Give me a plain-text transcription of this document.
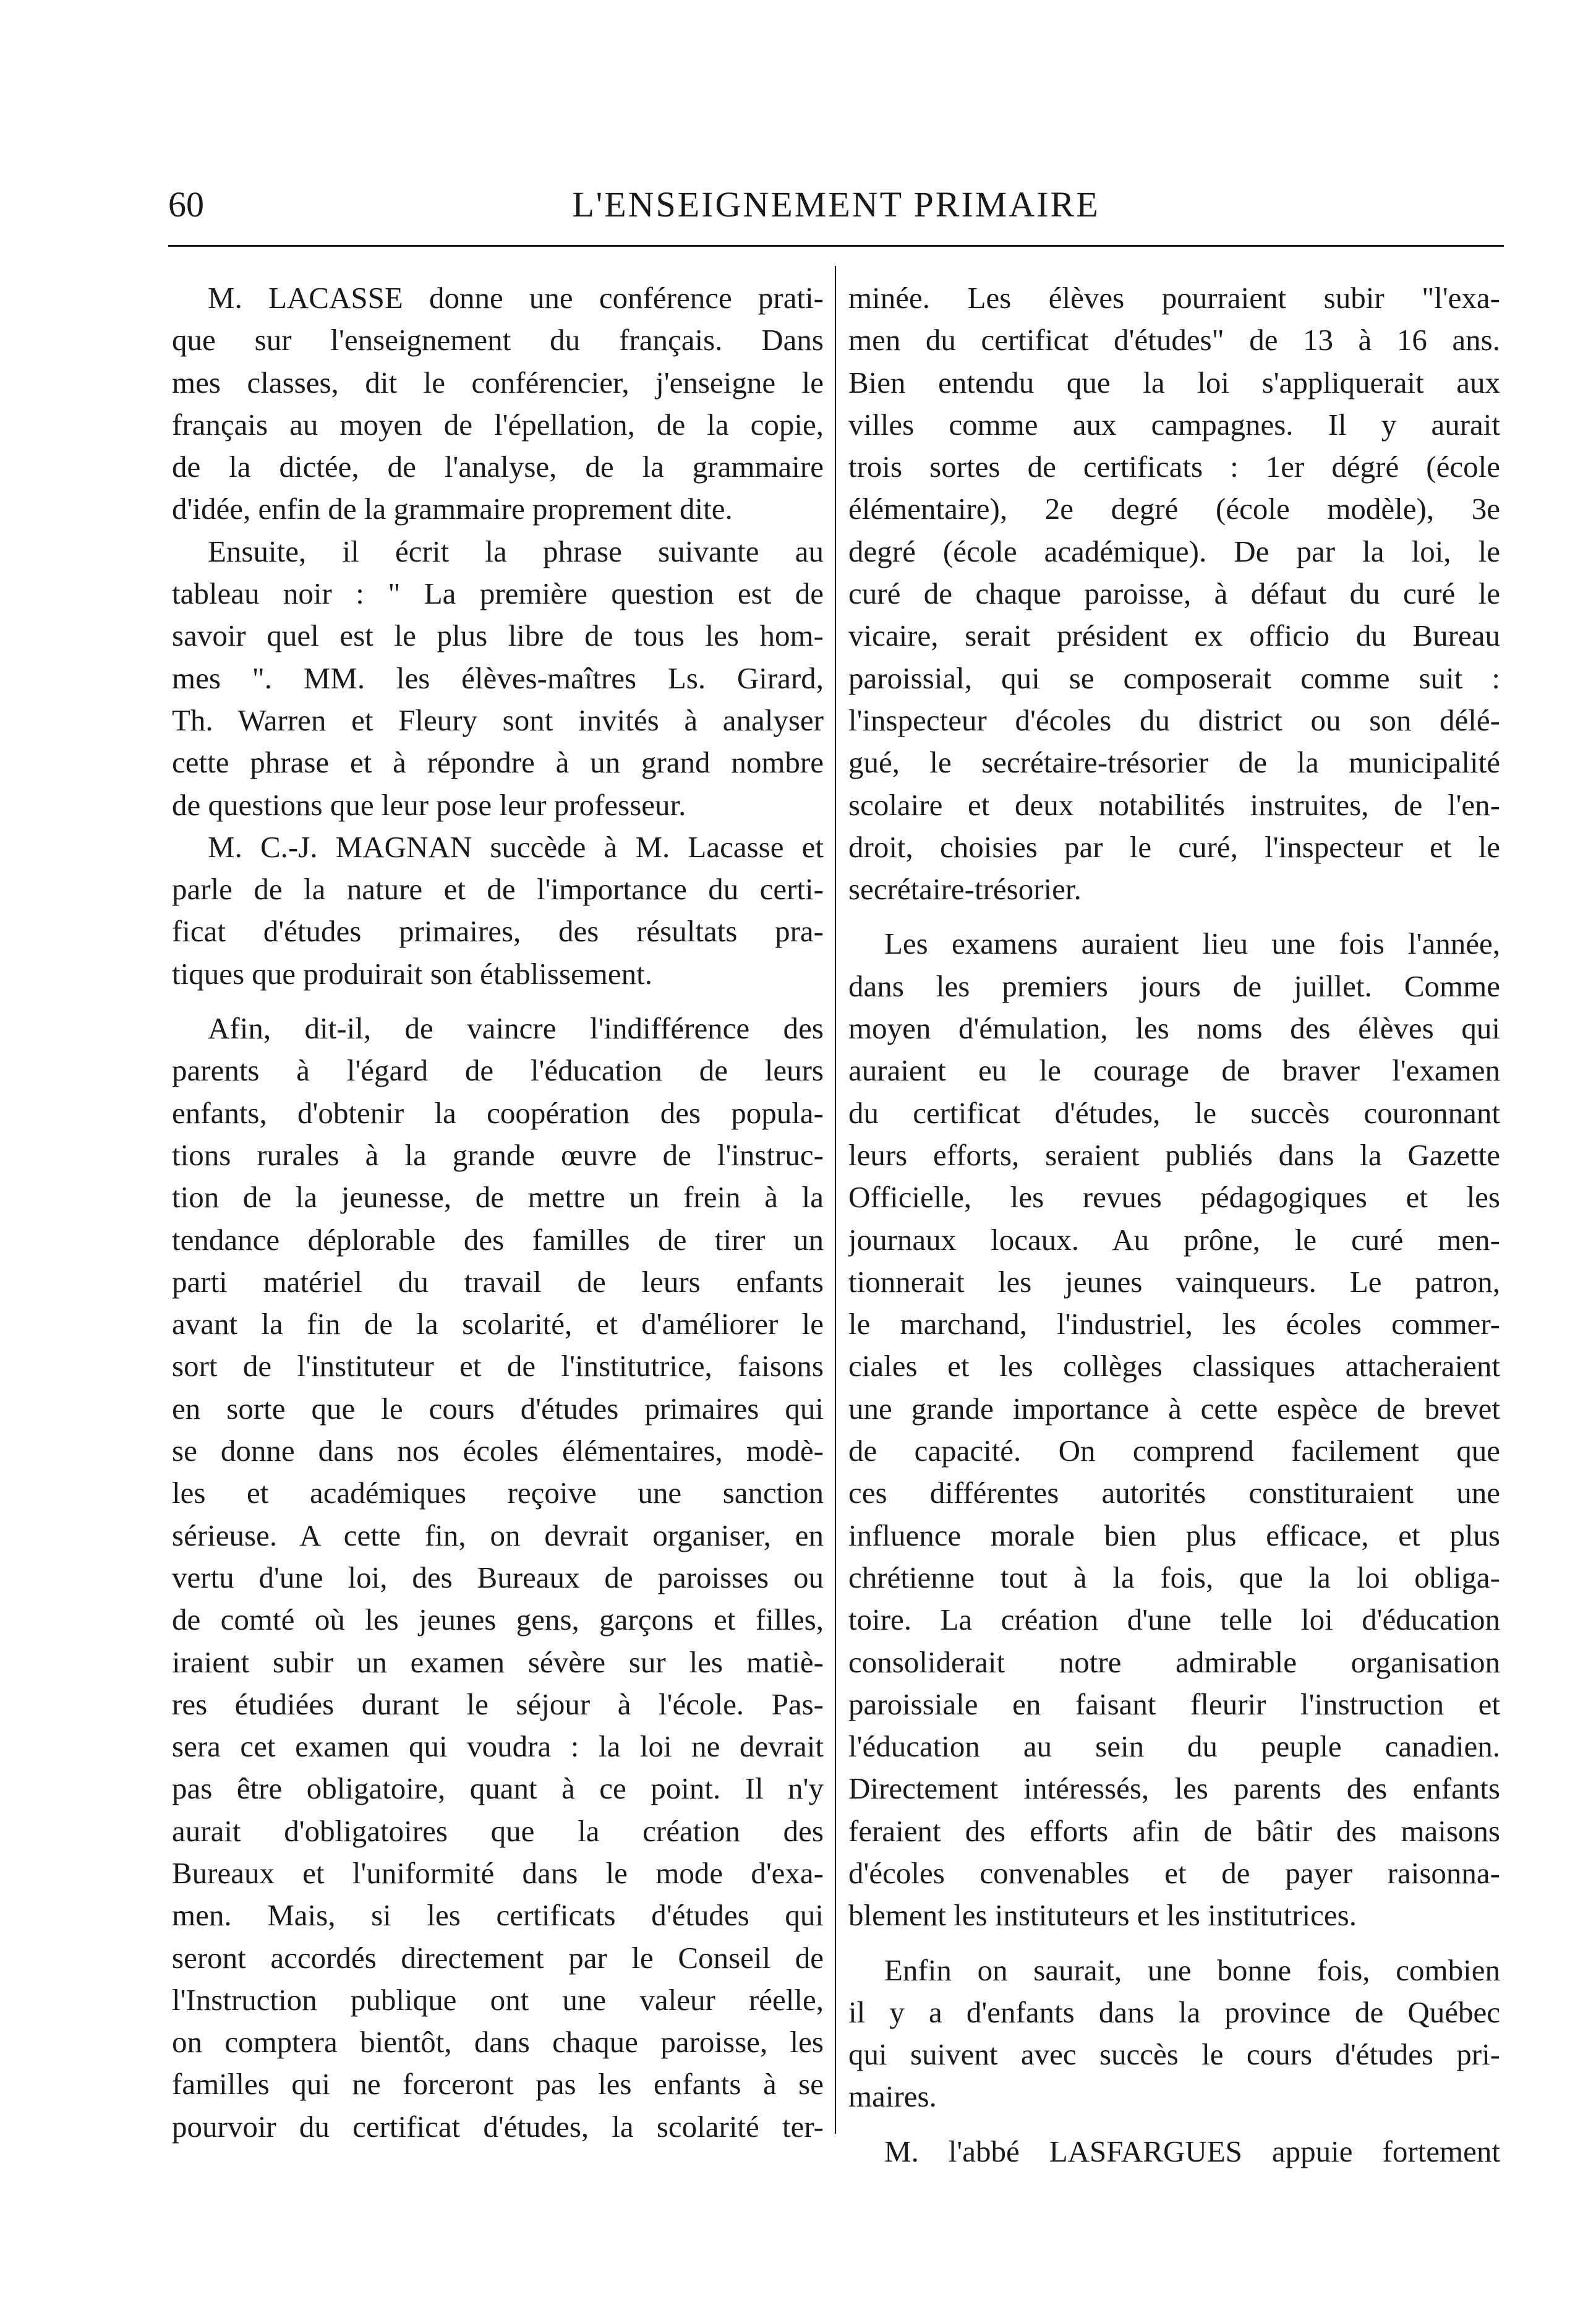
60	L'ENSEIGNEMENT PRIMAIRE
M. LACASSE donne une conférence prati-
que sur l'enseignement du français. Dans
mes classes, dit le conférencier, j'enseigne le
français au moyen de l'épellation, de la copie,
de la dictée, de l'analyse, de la grammaire
d'idée, enfin de la grammaire proprement dite.
Ensuite, il écrit la phrase suivante au
tableau noir : " La première question est de
savoir quel est le plus libre de tous les hom-
mes ". MM. les élèves-maîtres Ls. Girard,
Th. Warren et Fleury sont invités à analyser
cette phrase et à répondre à un grand nombre
de questions que leur pose leur professeur.
M. C.-J. MAGNAN succède à M. Lacasse et
parle de la nature et de l'importance du certi-
ficat d'études primaires, des résultats pra-
tiques que produirait son établissement.
Afin, dit-il, de vaincre l'indifférence des
parents à l'égard de l'éducation de leurs
enfants, d'obtenir la coopération des popula-
tions rurales à la grande œuvre de l'instruc-
tion de la jeunesse, de mettre un frein à la
tendance déplorable des familles de tirer un
parti matériel du travail de leurs enfants
avant la fin de la scolarité, et d'améliorer le
sort de l'instituteur et de l'institutrice, faisons
en sorte que le cours d'études primaires qui
se donne dans nos écoles élémentaires, modè-
les et académiques reçoive une sanction
sérieuse. A cette fin, on devrait organiser, en
vertu d'une loi, des Bureaux de paroisses ou
de comté où les jeunes gens, garçons et filles,
iraient subir un examen sévère sur les matiè-
res étudiées durant le séjour à l'école. Pas-
sera cet examen qui voudra : la loi ne devrait
pas être obligatoire, quant à ce point. Il n'y
aurait d'obligatoires que la création des
Bureaux et l'uniformité dans le mode d'exa-
men. Mais, si les certificats d'études qui
seront accordés directement par le Conseil de
l'Instruction publique ont une valeur réelle,
on comptera bientôt, dans chaque paroisse, les
familles qui ne forceront pas les enfants à se
pourvoir du certificat d'études, la scolarité ter-
minée. Les élèves pourraient subir "l'exa-
men du certificat d'études" de 13 à 16 ans.
Bien entendu que la loi s'appliquerait aux
villes comme aux campagnes. Il y aurait
trois sortes de certificats : 1er dégré (école
élémentaire), 2e degré (école modèle), 3e
degré (école académique). De par la loi, le
curé de chaque paroisse, à défaut du curé le
vicaire, serait président ex officio du Bureau
paroissial, qui se composerait comme suit :
l'inspecteur d'écoles du district ou son délé-
gué, le secrétaire-trésorier de la municipalité
scolaire et deux notabilités instruites, de l'en-
droit, choisies par le curé, l'inspecteur et le
secrétaire-trésorier.
Les examens auraient lieu une fois l'année,
dans les premiers jours de juillet. Comme
moyen d'émulation, les noms des élèves qui
auraient eu le courage de braver l'examen
du certificat d'études, le succès couronnant
leurs efforts, seraient publiés dans la Gazette
Officielle, les revues pédagogiques et les
journaux locaux. Au prône, le curé men-
tionnerait les jeunes vainqueurs. Le patron,
le marchand, l'industriel, les écoles commer-
ciales et les collèges classiques attacheraient
une grande importance à cette espèce de brevet
de capacité. On comprend facilement que
ces différentes autorités constituraient une
influence morale bien plus efficace, et plus
chrétienne tout à la fois, que la loi obliga-
toire. La création d'une telle loi d'éducation
consoliderait notre admirable organisation
paroissiale en faisant fleurir l'instruction et
l'éducation au sein du peuple canadien.
Directement intéressés, les parents des enfants
feraient des efforts afin de bâtir des maisons
d'écoles convenables et de payer raisonna-
blement les instituteurs et les institutrices.
Enfin on saurait, une bonne fois, combien
il y a d'enfants dans la province de Québec
qui suivent avec succès le cours d'études pri-
maires.
M. l'abbé LASFARGUES appuie fortement
